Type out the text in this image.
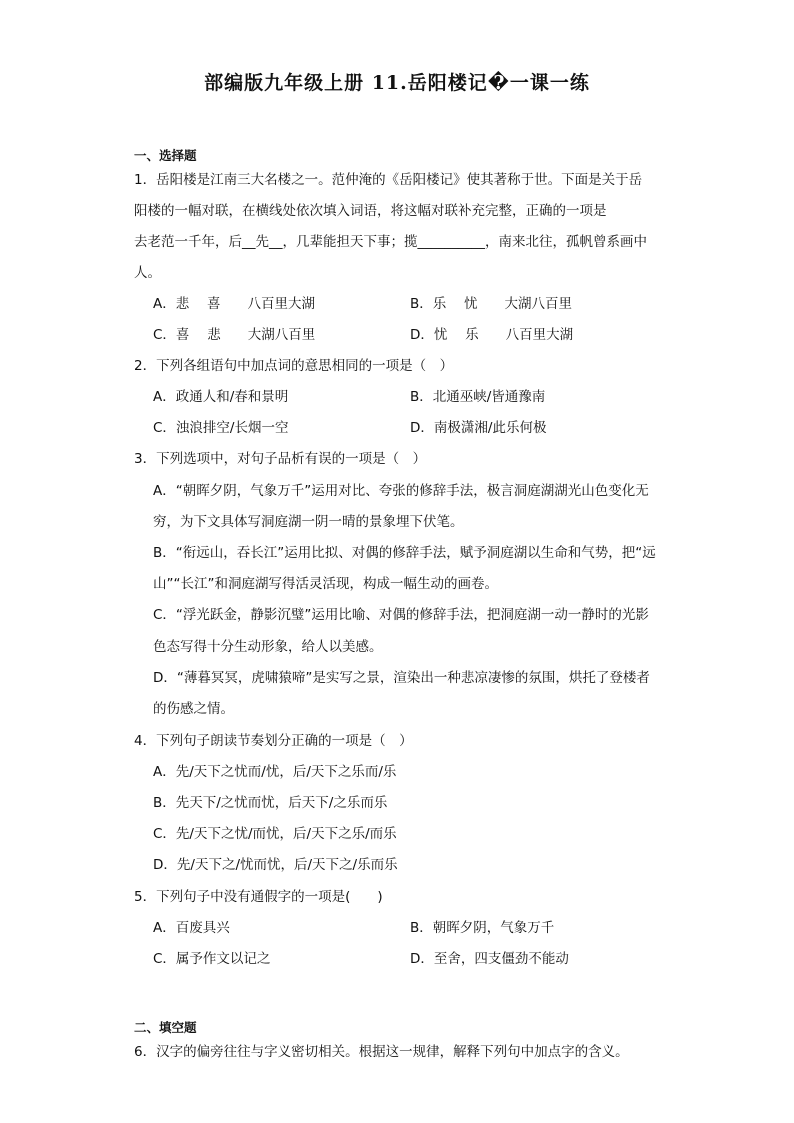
部编版九年级上册 11.岳阳楼记�一课一练
一、选择题
1．岳阳楼是江南三大名楼之一。范仲淹的《岳阳楼记》使其著称于世。下面是关于岳
阳楼的一幅对联，在横线处依次填入词语，将这幅对联补充完整，正确的一项是
去老范一千年，后__先__，几辈能担天下事；揽__________，南来北往，孤帆曾系画中
人。
A．悲　 喜　　八百里大湖	B．乐　 忧　　大湖八百里
C．喜　 悲　　大湖八百里	D．忧　 乐　　八百里大湖
2．下列各组语句中加点词的意思相同的一项是（　）
A．政通人和/春和景明	B．北通巫峡/皆通豫南
C．浊浪排空/长烟一空	D．南极潇湘/此乐何极
3．下列选项中，对句子品析有误的一项是（　）
A．“朝晖夕阴，气象万千”运用对比、夸张的修辞手法，极言洞庭湖湖光山色变化无
穷，为下文具体写洞庭湖一阴一晴的景象埋下伏笔。
B．“衔远山，吞长江”运用比拟、对偶的修辞手法，赋予洞庭湖以生命和气势，把“远
山”“长江”和洞庭湖写得活灵活现，构成一幅生动的画卷。
C．“浮光跃金，静影沉璧”运用比喻、对偶的修辞手法，把洞庭湖一动一静时的光影
色态写得十分生动形象，给人以美感。
D．“薄暮冥冥，虎啸猿啼”是实写之景，渲染出一种悲凉凄惨的氛围，烘托了登楼者
的伤感之情。
4．下列句子朗读节奏划分正确的一项是（　）
A．先/天下之忧而/忧，后/天下之乐而/乐
B．先天下/之忧而忧，后天下/之乐而乐
C．先/天下之忧/而忧，后/天下之乐/而乐
D．先/天下之/忧而忧，后/天下之/乐而乐
5．下列句子中没有通假字的一项是(　　)
A．百废具兴	B．朝晖夕阴，气象万千
C．属予作文以记之	D．至舍，四支僵劲不能动
二、填空题
6．汉字的偏旁往往与字义密切相关。根据这一规律，解释下列句中加点字的含义。
